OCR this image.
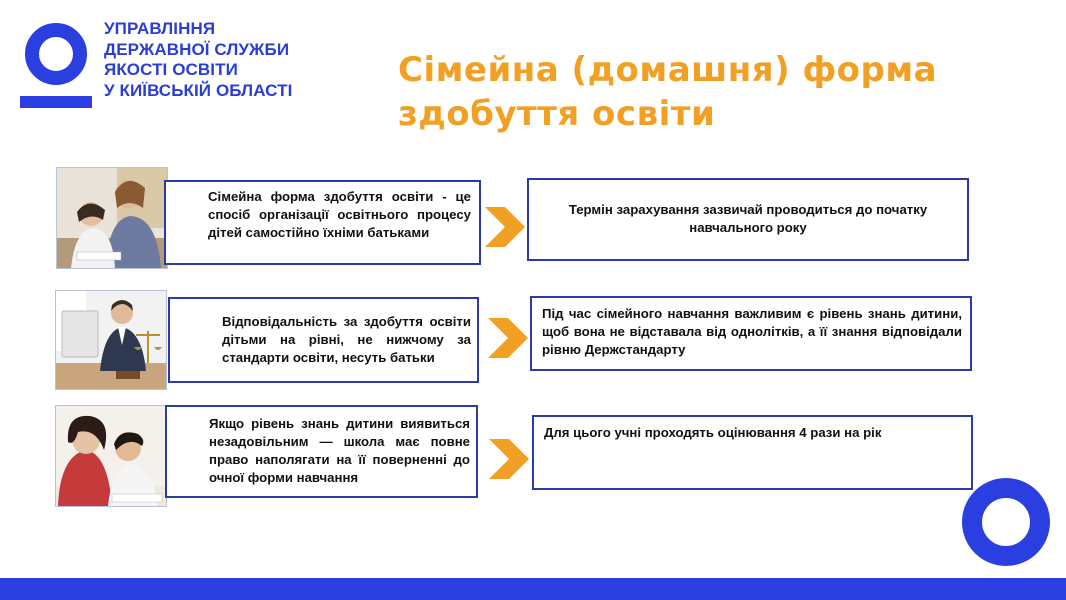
УПРАВЛІННЯ
ДЕРЖАВНОЇ СЛУЖБИ
ЯКОСТІ ОСВІТИ
У КИЇВСЬКІЙ ОБЛАСТІ	Сімейна (домашня) форма
здобуття освіти
Сімейна форма здобуття освіти - це спосіб організації освітнього процесу дітей самостійно їхніми батьками
Термін зарахування зазвичай проводиться до початку навчального року
Відповідальність за здобуття освіти дітьми на рівні, не нижчому за стандарти освіти, несуть батьки
Під час сімейного навчання важливим є рівень знань дитини, щоб вона не відставала від однолітків, а її знання відповідали рівню Держстандарту
Якщо рівень знань дитини виявиться незадовільним — школа має повне право наполягати на її поверненні до очної форми навчання
Для цього учні проходять оцінювання 4 рази на рік
